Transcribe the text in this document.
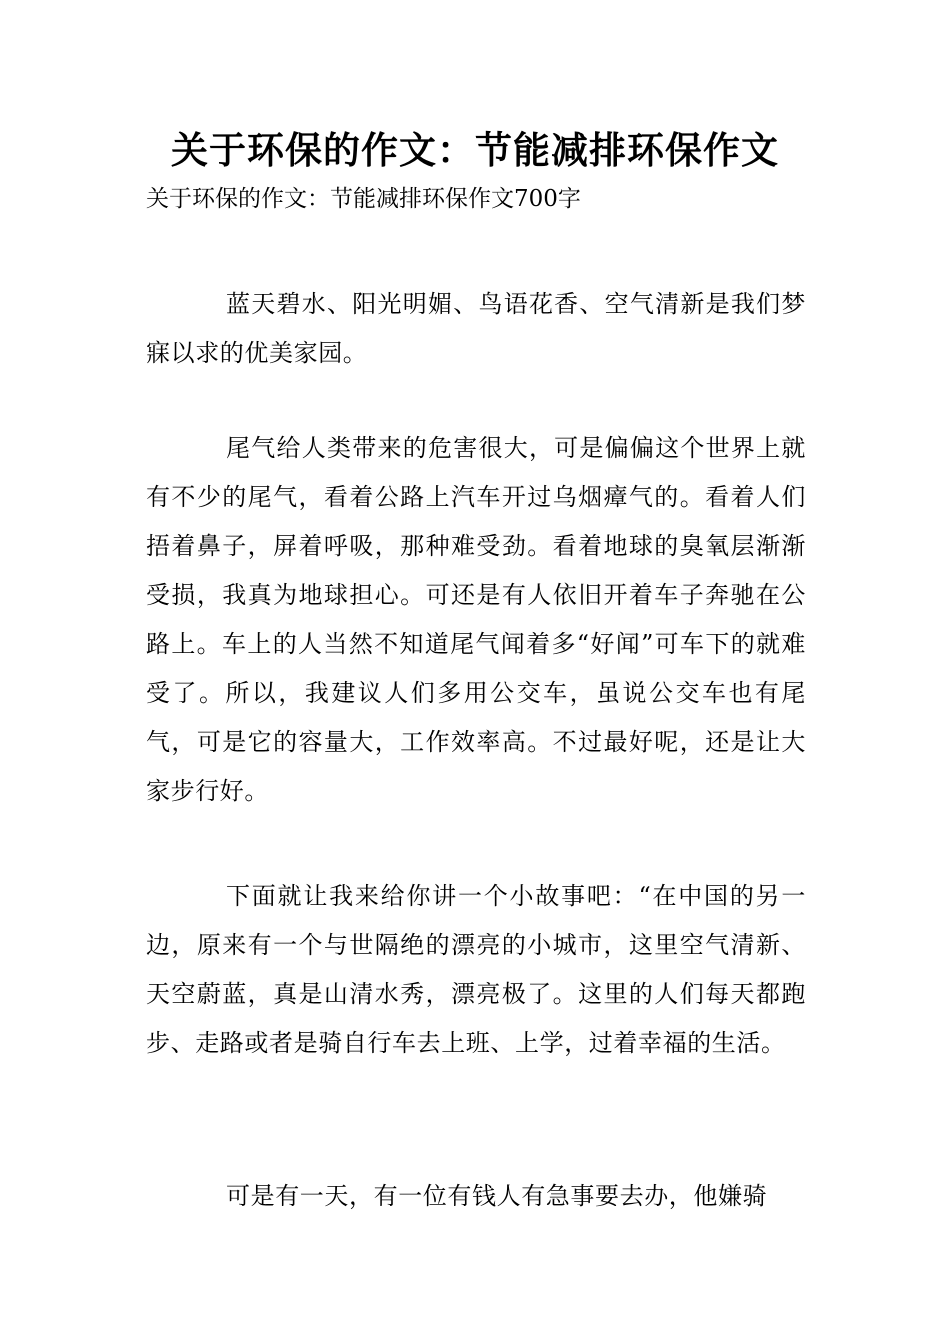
关于环保的作文：节能减排环保作文

关于环保的作文：节能减排环保作文700字

蓝天碧水、阳光明媚、鸟语花香、空气清新是我们梦寐以求的优美家园。

尾气给人类带来的危害很大，可是偏偏这个世界上就有不少的尾气，看着公路上汽车开过乌烟瘴气的。看着人们捂着鼻子，屏着呼吸，那种难受劲。看着地球的臭氧层渐渐受损，我真为地球担心。可还是有人依旧开着车子奔驰在公路上。车上的人当然不知道尾气闻着多“好闻”可车下的就难受了。所以，我建议人们多用公交车，虽说公交车也有尾气，可是它的容量大，工作效率高。不过最好呢，还是让大家步行好。

下面就让我来给你讲一个小故事吧：“在中国的另一边，原来有一个与世隔绝的漂亮的小城市，这里空气清新、天空蔚蓝，真是山清水秀，漂亮极了。这里的人们每天都跑步、走路或者是骑自行车去上班、上学，过着幸福的生活。

可是有一天，有一位有钱人有急事要去办，他嫌骑
